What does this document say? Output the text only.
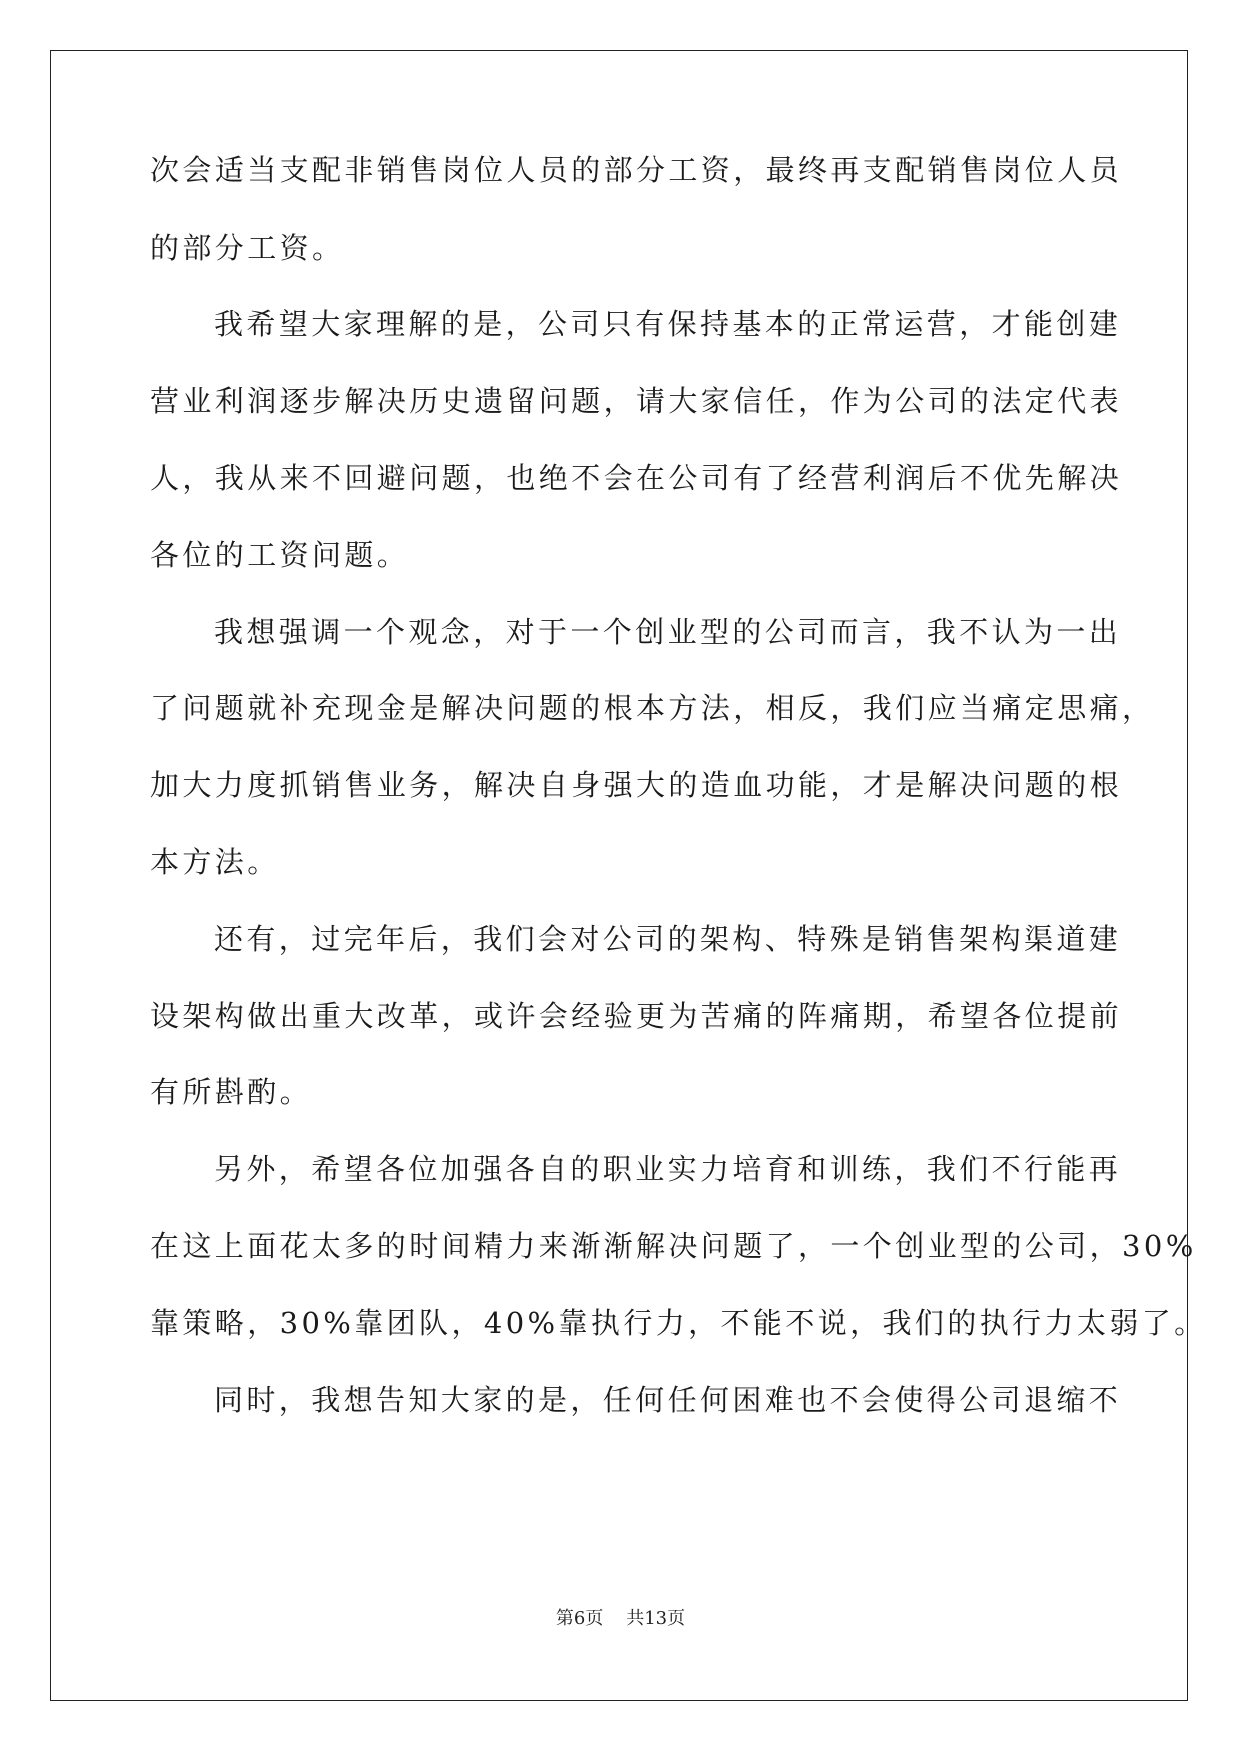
次会适当支配非销售岗位人员的部分工资，最终再支配销售岗位人员
的部分工资。
我希望大家理解的是，公司只有保持基本的正常运营，才能创建
营业利润逐步解决历史遗留问题，请大家信任，作为公司的法定代表
人，我从来不回避问题，也绝不会在公司有了经营利润后不优先解决
各位的工资问题。
我想强调一个观念，对于一个创业型的公司而言，我不认为一出
了问题就补充现金是解决问题的根本方法，相反，我们应当痛定思痛，
加大力度抓销售业务，解决自身强大的造血功能，才是解决问题的根
本方法。
还有，过完年后，我们会对公司的架构、特殊是销售架构渠道建
设架构做出重大改革，或许会经验更为苦痛的阵痛期，希望各位提前
有所斟酌。
另外，希望各位加强各自的职业实力培育和训练，我们不行能再
在这上面花太多的时间精力来渐渐解决问题了，一个创业型的公司，30%
靠策略，30%靠团队，40%靠执行力，不能不说，我们的执行力太弱了。
同时，我想告知大家的是，任何任何困难也不会使得公司退缩不
第6页    共13页
